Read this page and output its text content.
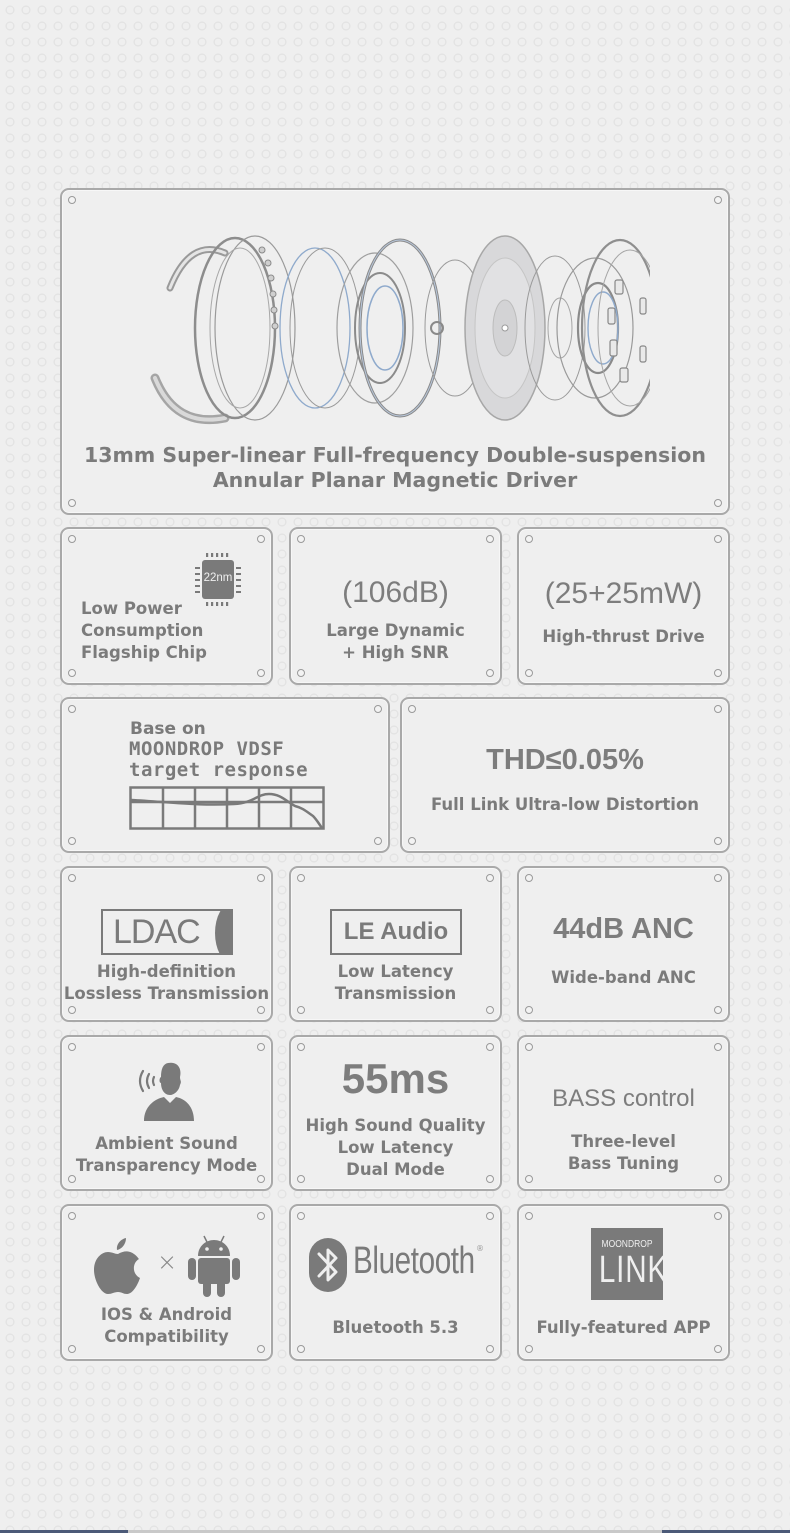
13mm Super-linear Full-frequency Double-suspension
Annular Planar Magnetic Driver
22nm
Low Power
Consumption
Flagship Chip
(106dB)
Large Dynamic
+ High SNR
(25+25mW)
High-thrust Drive
Base on
MOONDROP VDSF
target response	THD≤0.05%
Full Link Ultra-low Distortion
LDAC
High-definition
Lossless Transmission
LE Audio
Low Latency
Transmission
44dB ANC
Wide-band ANC
Ambient Sound
Transparency Mode
55ms
High Sound Quality
Low Latency
Dual Mode
BASS control
Three-level
Bass Tuning
×
IOS & Android
Compatibility
Bluetooth ®
Bluetooth 5.3
MOONDROP
LINK
Fully-featured APP
